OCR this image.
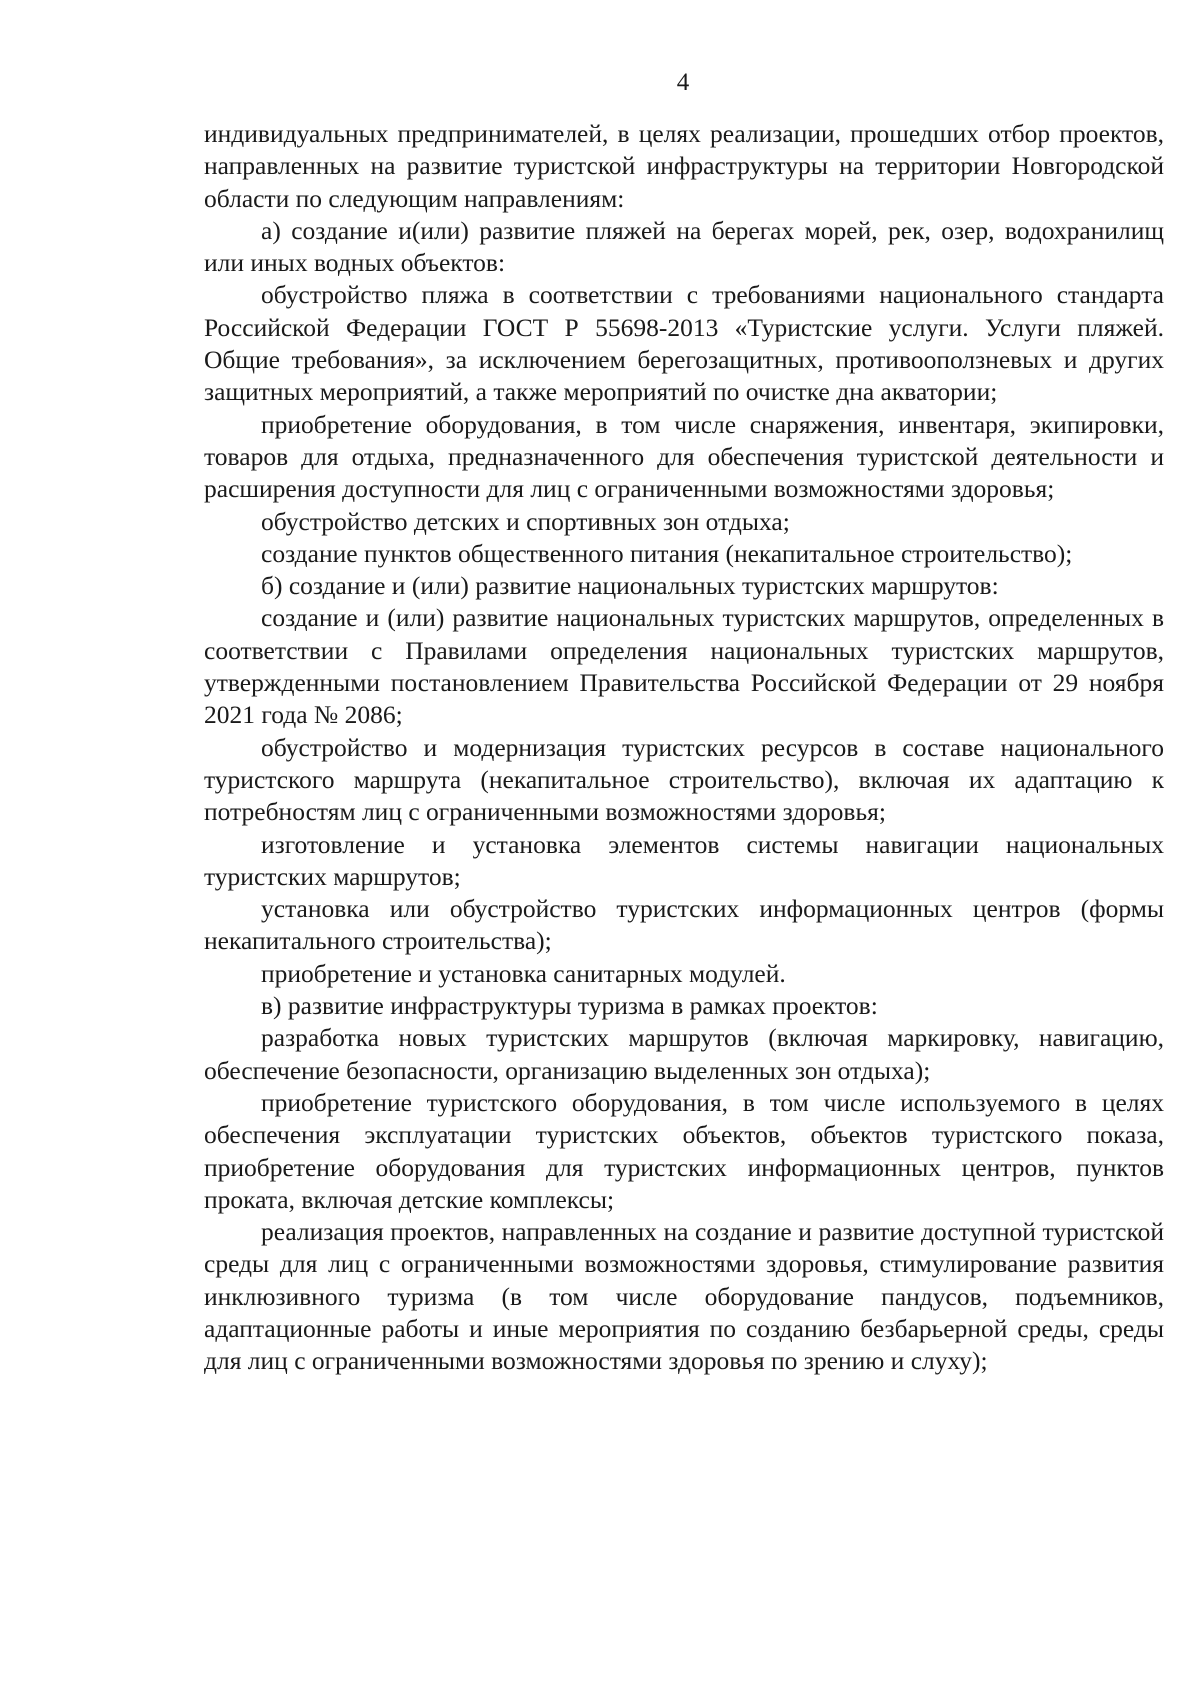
4

индивидуальных предпринимателей, в целях реализации, прошедших отбор проектов, направленных на развитие туристской инфраструктуры на территории Новгородской области по следующим направлениям:

а) создание и(или) развитие пляжей на берегах морей, рек, озер, водохранилищ или иных водных объектов:

обустройство пляжа в соответствии с требованиями национального стандарта Российской Федерации ГОСТ Р 55698-2013 «Туристские услуги. Услуги пляжей. Общие требования», за исключением берегозащитных, противооползневых и других защитных мероприятий, а также мероприятий по очистке дна акватории;

приобретение оборудования, в том числе снаряжения, инвентаря, экипировки, товаров для отдыха, предназначенного для обеспечения туристской деятельности и расширения доступности для лиц с ограниченными возможностями здоровья;

обустройство детских и спортивных зон отдыха;

создание пунктов общественного питания (некапитальное строительство);

б) создание и (или) развитие национальных туристских маршрутов:

создание и (или) развитие национальных туристских маршрутов, определенных в соответствии с Правилами определения национальных туристских маршрутов, утвержденными постановлением Правительства Российской Федерации от 29 ноября 2021 года № 2086;

обустройство и модернизация туристских ресурсов в составе национального туристского маршрута (некапитальное строительство), включая их адаптацию к потребностям лиц с ограниченными возможностями здоровья;

изготовление и установка элементов системы навигации национальных туристских маршрутов;

установка или обустройство туристских информационных центров (формы некапитального строительства);

приобретение и установка санитарных модулей.

в) развитие инфраструктуры туризма в рамках проектов:

разработка новых туристских маршрутов (включая маркировку, навигацию, обеспечение безопасности, организацию выделенных зон отдыха);

приобретение туристского оборудования, в том числе используемого в целях обеспечения эксплуатации туристских объектов, объектов туристского показа, приобретение оборудования для туристских информационных центров, пунктов проката, включая детские комплексы;

реализация проектов, направленных на создание и развитие доступной туристской среды для лиц с ограниченными возможностями здоровья, стимулирование развития инклюзивного туризма (в том числе оборудование пандусов, подъемников, адаптационные работы и иные мероприятия по созданию безбарьерной среды, среды для лиц с ограниченными возможностями здоровья по зрению и слуху);
